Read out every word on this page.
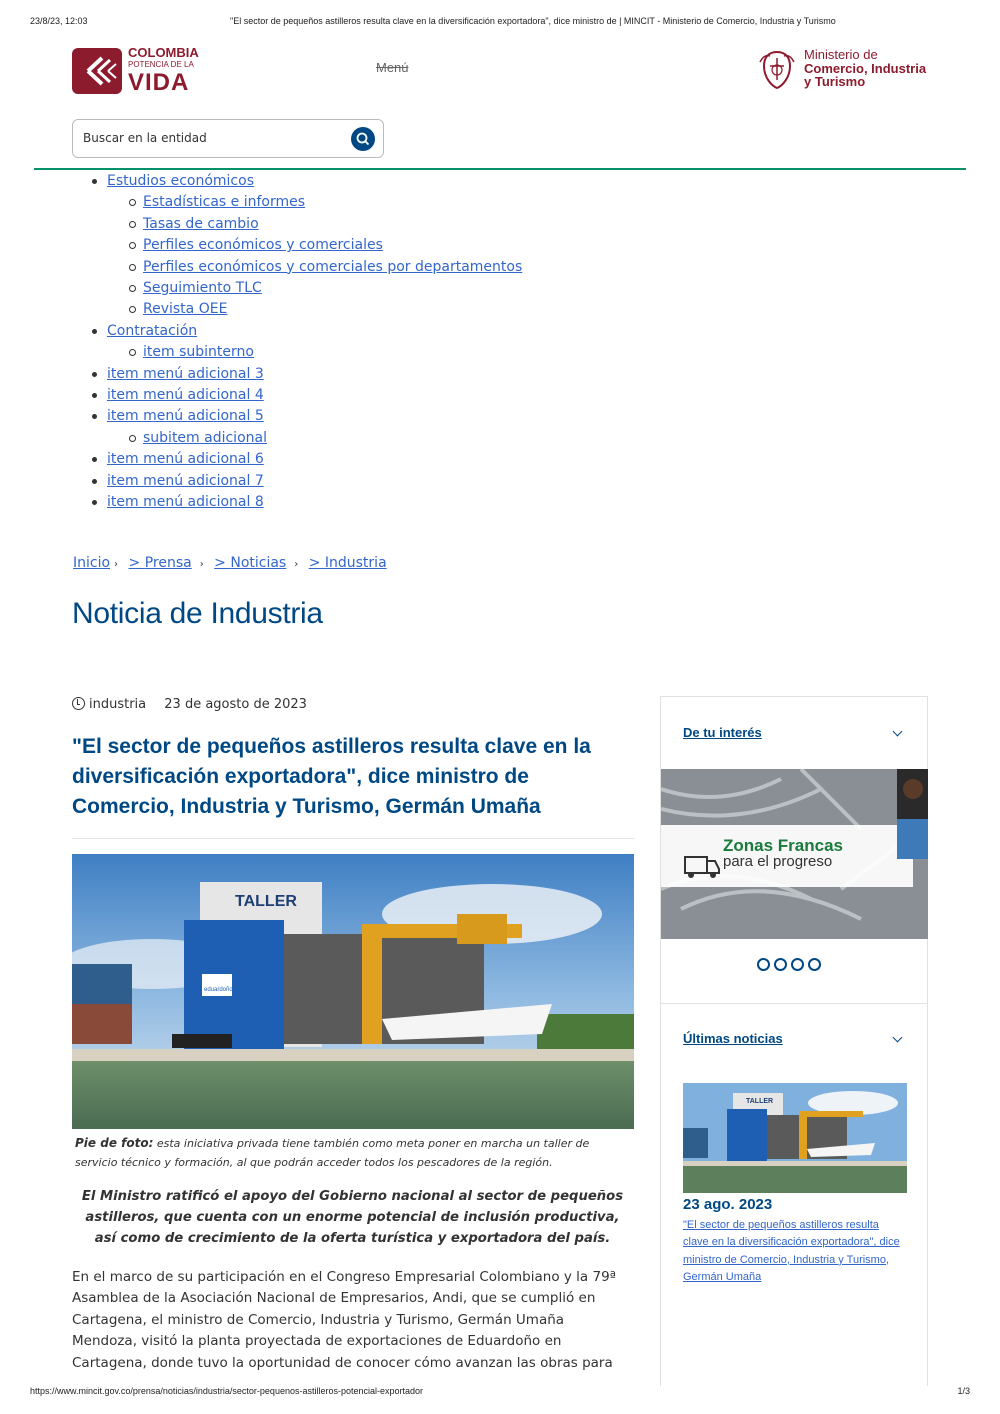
23/8/23, 12:03	"El sector de pequeños astilleros resulta clave en la diversificación exportadora", dice ministro de | MINCIT - Ministerio de Comercio, Industria y Turismo
COLOMBIA
POTENCIA DE LA
VIDA
Menú
Ministerio de
Comercio, Industria
y Turismo
Buscar en la entidad
Estudios económicos
Estadísticas e informes
Tasas de cambio
Perfiles económicos y comerciales
Perfiles económicos y comerciales por departamentos
Seguimiento TLC
Revista OEE
Contratación
item subinterno
item menú adicional 3
item menú adicional 4
item menú adicional 5
subitem adicional
item menú adicional 6
item menú adicional 7
item menú adicional 8
Inicio › > Prensa › > Noticias › > Industria
Noticia de Industria
industria 23 de agosto de 2023
"El sector de pequeños astilleros resulta clave en la diversificación exportadora", dice ministro de Comercio, Industria y Turismo, Germán Umaña
TALLER
eduardoño
Pie de foto: esta iniciativa privada tiene también como meta poner en marcha un taller de servicio técnico y formación, al que podrán acceder todos los pescadores de la región.

El Ministro ratificó el apoyo del Gobierno nacional al sector de pequeños astilleros, que cuenta con un enorme potencial de inclusión productiva, así como de crecimiento de la oferta turística y exportadora del país.

En el marco de su participación en el Congreso Empresarial Colombiano y la 79ª Asamblea de la Asociación Nacional de Empresarios, Andi, que se cumplió en Cartagena, el ministro de Comercio, Industria y Turismo, Germán Umaña Mendoza, visitó la planta proyectada de exportaciones de Eduardoño en Cartagena, donde tuvo la oportunidad de conocer cómo avanzan las obras para

De tu interés
Zonas Francas
para el progreso
Últimas noticias
TALLER
23 ago. 2023
"El sector de pequeños astilleros resulta clave en la diversificación exportadora", dice ministro de Comercio, Industria y Turismo, Germán Umaña
https://www.mincit.gov.co/prensa/noticias/industria/sector-pequenos-astilleros-potencial-exportador	1/3
